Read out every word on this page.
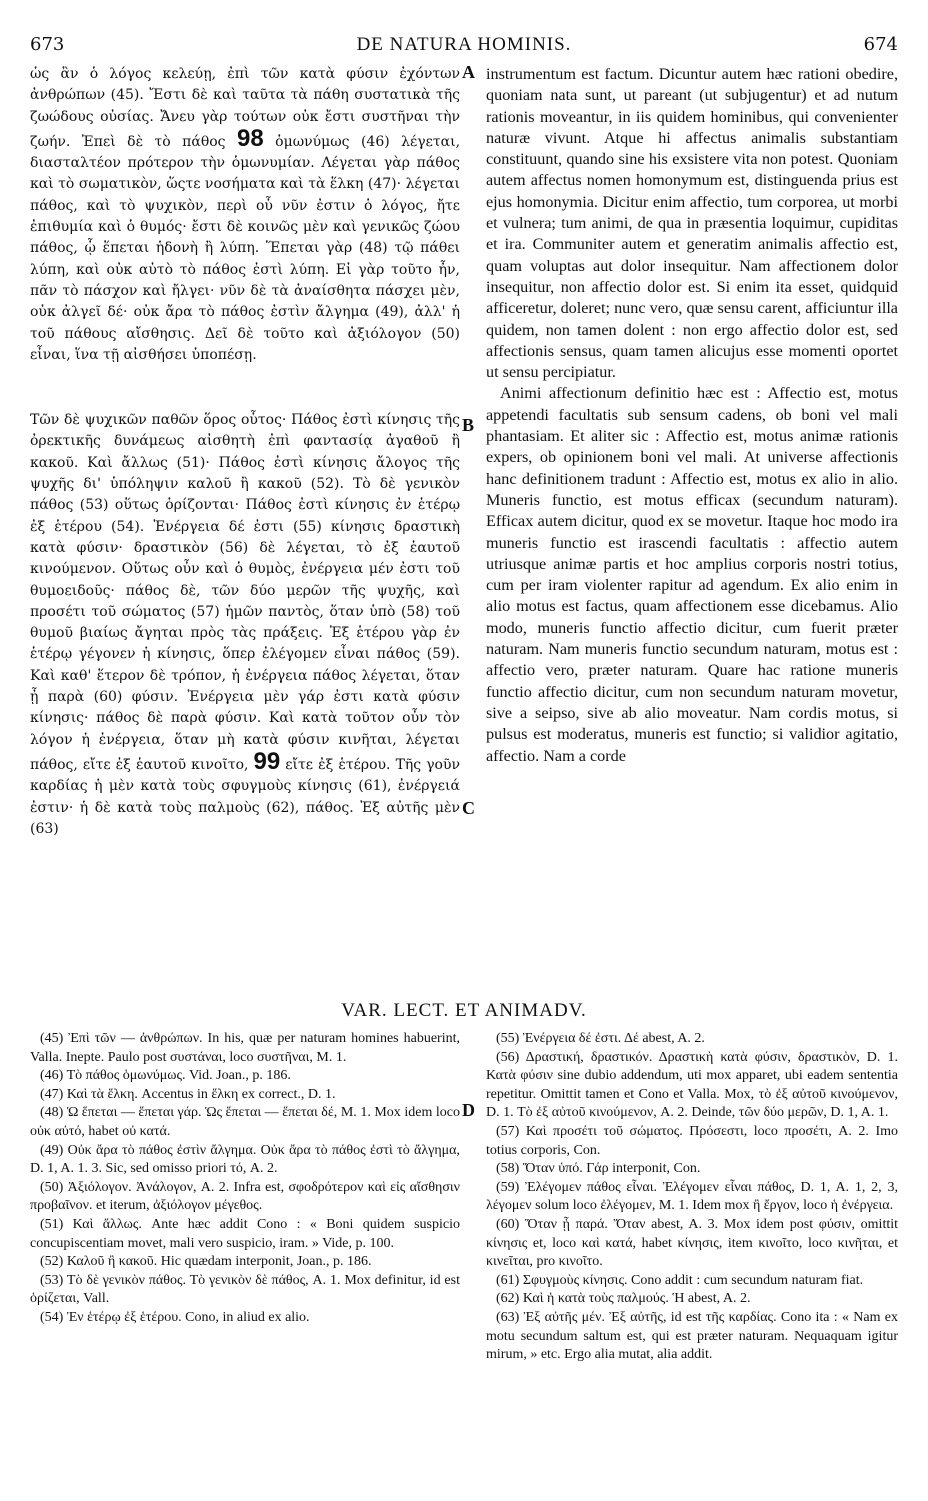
673	DE NATURA HOMINIS.	674

ὡς ἂν ὁ λόγος κελεύῃ, ἐπὶ τῶν κατὰ φύσιν ἐχόντων ἀνθρώπων (45). Ἔστι δὲ καὶ ταῦτα τὰ πάθη συστατικὰ τῆς ζωώδους οὐσίας. Ἄνευ γὰρ τούτων οὐκ ἔστι συστῆναι τὴν ζωήν. Ἐπεὶ δὲ τὸ πάθος 98 ὁμωνύμως (46) λέγεται, διασταλτέον πρότερον τὴν ὁμωνυμίαν. Λέγεται γὰρ πάθος καὶ τὸ σωματικὸν, ὥςτε νοσήματα καὶ τὰ ἕλκη (47)· λέγεται πάθος, καὶ τὸ ψυχικὸν, περὶ οὗ νῦν ἐστιν ὁ λόγος, ἤτε ἐπιθυμία καὶ ὁ θυμός· ἔστι δὲ κοινῶς μὲν καὶ γενικῶς ζώου πάθος, ᾧ ἕπεται ἡδονὴ ἢ λύπη. Ἕπεται γὰρ (48) τῷ πάθει λύπη, καὶ οὐκ αὐτὸ τὸ πάθος ἐστὶ λύπη. Εἰ γὰρ τοῦτο ἦν, πᾶν τὸ πάσχον καὶ ἤλγει· νῦν δὲ τὰ ἀναίσθητα πάσχει μὲν, οὐκ ἀλγεῖ δέ· οὐκ ἄρα τὸ πάθος ἐστὶν ἄλγημα (49), ἀλλ' ἡ τοῦ πάθους αἴσθησις. Δεῖ δὲ τοῦτο καὶ ἀξιόλογον (50) εἶναι, ἵνα τῇ αἰσθήσει ὑποπέσῃ.

Τῶν δὲ ψυχικῶν παθῶν ὅρος οὗτος· Πάθος ἐστὶ κίνησις τῆς ὀρεκτικῆς δυνάμεως αἰσθητὴ ἐπὶ φαντασίᾳ ἀγαθοῦ ἢ κακοῦ. Καὶ ἄλλως (51)· Πάθος ἐστὶ κίνησις ἄλογος τῆς ψυχῆς δι' ὑπόληψιν καλοῦ ἢ κακοῦ (52). Τὸ δὲ γενικὸν πάθος (53) οὕτως ὁρίζονται· Πάθος ἐστὶ κίνησις ἐν ἑτέρῳ ἐξ ἑτέρου (54). Ἐνέργεια δέ ἐστι (55) κίνησις δραστικὴ κατὰ φύσιν· δραστικὸν (56) δὲ λέγεται, τὸ ἐξ ἑαυτοῦ κινούμενον. Οὕτως οὖν καὶ ὁ θυμὸς, ἐνέργεια μέν ἐστι τοῦ θυμοειδοῦς· πάθος δὲ, τῶν δύο μερῶν τῆς ψυχῆς, καὶ προσέτι τοῦ σώματος (57) ἡμῶν παντὸς, ὅταν ὑπὸ (58) τοῦ θυμοῦ βιαίως ἄγηται πρὸς τὰς πράξεις. Ἐξ ἑτέρου γὰρ ἐν ἑτέρῳ γέγονεν ἡ κίνησις, ὅπερ ἐλέγομεν εἶναι πάθος (59). Καὶ καθ' ἕτερον δὲ τρόπον, ἡ ἐνέργεια πάθος λέγεται, ὅταν ᾖ παρὰ (60) φύσιν. Ἐνέργεια μὲν γάρ ἐστι κατὰ φύσιν κίνησις· πάθος δὲ παρὰ φύσιν. Καὶ κατὰ τοῦτον οὖν τὸν λόγον ἡ ἐνέργεια, ὅταν μὴ κατὰ φύσιν κινῆται, λέγεται πάθος, εἴτε ἐξ ἑαυτοῦ κινοῖτο, 99 εἴτε ἐξ ἑτέρου. Τῆς γοῦν καρδίας ἡ μὲν κατὰ τοὺς σφυγμοὺς κίνησις (61), ἐνέργειά ἐστιν· ἡ δὲ κατὰ τοὺς παλμοὺς (62), πάθος. Ἐξ αὐτῆς μὲν (63)

A
B
C
D

instrumentum est factum. Dicuntur autem hæc rationi obedire, quoniam nata sunt, ut pareant (ut subjugentur) et ad nutum rationis moveantur, in iis quidem hominibus, qui convenienter naturæ vivunt. Atque hi affectus animalis substantiam constituunt, quando sine his exsistere vita non potest. Quoniam autem affectus nomen homonymum est, distinguenda prius est ejus homonymia. Dicitur enim affectio, tum corporea, ut morbi et vulnera; tum animi, de qua in præsentia loquimur, cupiditas et ira. Communiter autem et generatim animalis affectio est, quam voluptas aut dolor insequitur. Nam affectionem dolor insequitur, non affectio dolor est. Si enim ita esset, quidquid afficeretur, doleret; nunc vero, quæ sensu carent, afficiuntur illa quidem, non tamen dolent : non ergo affectio dolor est, sed affectionis sensus, quam tamen alicujus esse momenti oportet ut sensu percipiatur.

Animi affectionum definitio hæc est : Affectio est, motus appetendi facultatis sub sensum cadens, ob boni vel mali phantasiam. Et aliter sic : Affectio est, motus animæ rationis expers, ob opinionem boni vel mali. At universe affectionis hanc definitionem tradunt : Affectio est, motus ex alio in alio. Muneris functio, est motus efficax (secundum naturam). Efficax autem dicitur, quod ex se movetur. Itaque hoc modo ira muneris functio est irascendi facultatis : affectio autem utriusque animæ partis et hoc amplius corporis nostri totius, cum per iram violenter rapitur ad agendum. Ex alio enim in alio motus est factus, quam affectionem esse dicebamus. Alio modo, muneris functio affectio dicitur, cum fuerit præter naturam. Nam muneris functio secundum naturam, motus est : affectio vero, præter naturam. Quare hac ratione muneris functio affectio dicitur, cum non secundum naturam movetur, sive a seipso, sive ab alio moveatur. Nam cordis motus, si pulsus est moderatus, muneris est functio; si validior agitatio, affectio. Nam a corde

VAR. LECT. ET ANIMADV.

(45) Ἐπὶ τῶν — ἀνθρώπων. In his, quæ per naturam homines habuerint, Valla. Inepte. Paulo post συστάναι, loco συστῆναι, M. 1.

(46) Τὸ πάθος ὁμωνύμως. Vid. Joan., p. 186.

(47) Καὶ τὰ ἕλκη. Accentus in ἕλκη ex correct., D. 1.

(48) Ὡ ἕπεται — ἕπεται γάρ. Ὡς ἕπεται — ἕπεται δέ, M. 1. Mox idem loco οὐκ αὐτό, habet οὐ κατά.

(49) Οὐκ ἄρα τὸ πάθος ἐστὶν ἄλγημα. Οὐκ ἄρα τὸ πάθος ἐστὶ τὸ ἄλγημα, D. 1, A. 1. 3. Sic, sed omisso priori τό, A. 2.

(50) Ἀξιόλογον. Ἀνάλογον, A. 2. Infra est, σφοδρότερον καὶ εἰς αἴσθησιν προβαῖνον. et iterum, ἀξιόλογον μέγεθος.

(51) Καὶ ἄλλως. Ante hæc addit Cono : « Boni quidem suspicio concupiscentiam movet, mali vero suspicio, iram. » Vide, p. 100.

(52) Καλοῦ ἢ κακοῦ. Hic quædam interponit, Joan., p. 186.

(53) Τὸ δὲ γενικὸν πάθος. Τὸ γενικὸν δὲ πάθος, A. 1. Mox definitur, id est ὁρίζεται, Vall.

(54) Ἐν ἑτέρῳ ἐξ ἑτέρου. Cono, in aliud ex alio.

(55) Ἐνέργεια δέ ἐστι. Δέ abest, A. 2.

(56) Δραστική, δραστικόν. Δραστικὴ κατὰ φύσιν, δραστικὸν, D. 1. Κατὰ φύσιν sine dubio addendum, uti mox apparet, ubi eadem sententia repetitur. Omittit tamen et Cono et Valla. Mox, τὸ ἐξ αὐτοῦ κινούμενον, D. 1. Τὸ ἐξ αὐτοῦ κινούμενον, A. 2. Deinde, τῶν δύο μερῶν, D. 1, A. 1.

(57) Καὶ προσέτι τοῦ σώματος. Πρόσεστι, loco προσέτι, A. 2. Imo totius corporis, Con.

(58) Ὅταν ὑπό. Γάρ interponit, Con.

(59) Ἐλέγομεν πάθος εἶναι. Ἐλέγομεν εἶναι πάθος, D. 1, A. 1, 2, 3, λέγομεν solum loco ἐλέγομεν, M. 1. Idem mox ἢ ἔργον, loco ἡ ἐνέργεια.

(60) Ὅταν ᾖ παρά. Ὅταν abest, A. 3. Mox idem post φύσιν, omittit κίνησις et, loco καὶ κατά, habet κίνησις, item κινοῖτο, loco κινῆται, et κινεῖται, pro κινοῖτο.

(61) Σφυγμοὺς κίνησις. Cono addit : cum secundum naturam fiat.

(62) Καὶ ἡ κατὰ τοὺς παλμούς. Ἡ abest, A. 2.

(63) Ἐξ αὐτῆς μέν. Ἐξ αὐτῆς, id est τῆς καρδίας. Cono ita : « Nam ex motu secundum saltum est, qui est præter naturam. Nequaquam igitur mirum, » etc. Ergo alia mutat, alia addit.
